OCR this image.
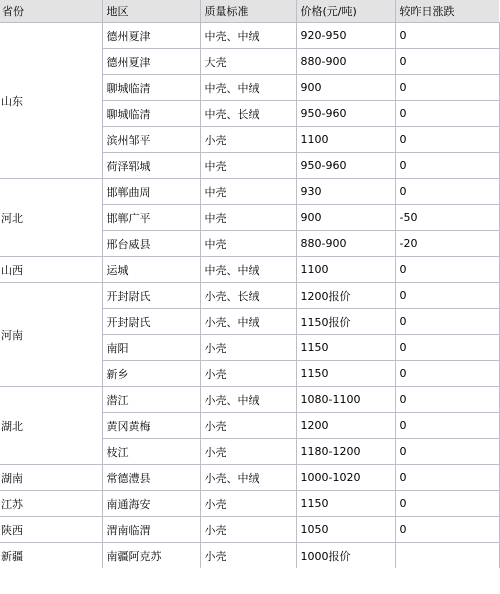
省份	地区	质量标准	价格(元/吨)	较昨日涨跌
山东	德州夏津	中壳、中绒	920-950	0
	德州夏津	大壳	880-900	0
	聊城临清	中壳、中绒	900	0
	聊城临清	中壳、长绒	950-960	0
	滨州邹平	小壳	1100	0
	荷泽郓城	中壳	950-960	0
河北	邯郸曲周	中壳	930	0
	邯郸广平	中壳	900	-50
	邢台威县	中壳	880-900	-20
山西	运城	中壳、中绒	1100	0
河南	开封尉氏	小壳、长绒	1200报价	0
	开封尉氏	小壳、中绒	1150报价	0
	南阳	小壳	1150	0
	新乡	小壳	1150	0
湖北	潜江	小壳、中绒	1080-1100	0
	黄冈黄梅	小壳	1200	0
	枝江	小壳	1180-1200	0
湖南	常德澧县	小壳、中绒	1000-1020	0
江苏	南通海安	小壳	1150	0
陕西	渭南临渭	小壳	1050	0
新疆	南疆阿克苏	小壳	1000报价	
